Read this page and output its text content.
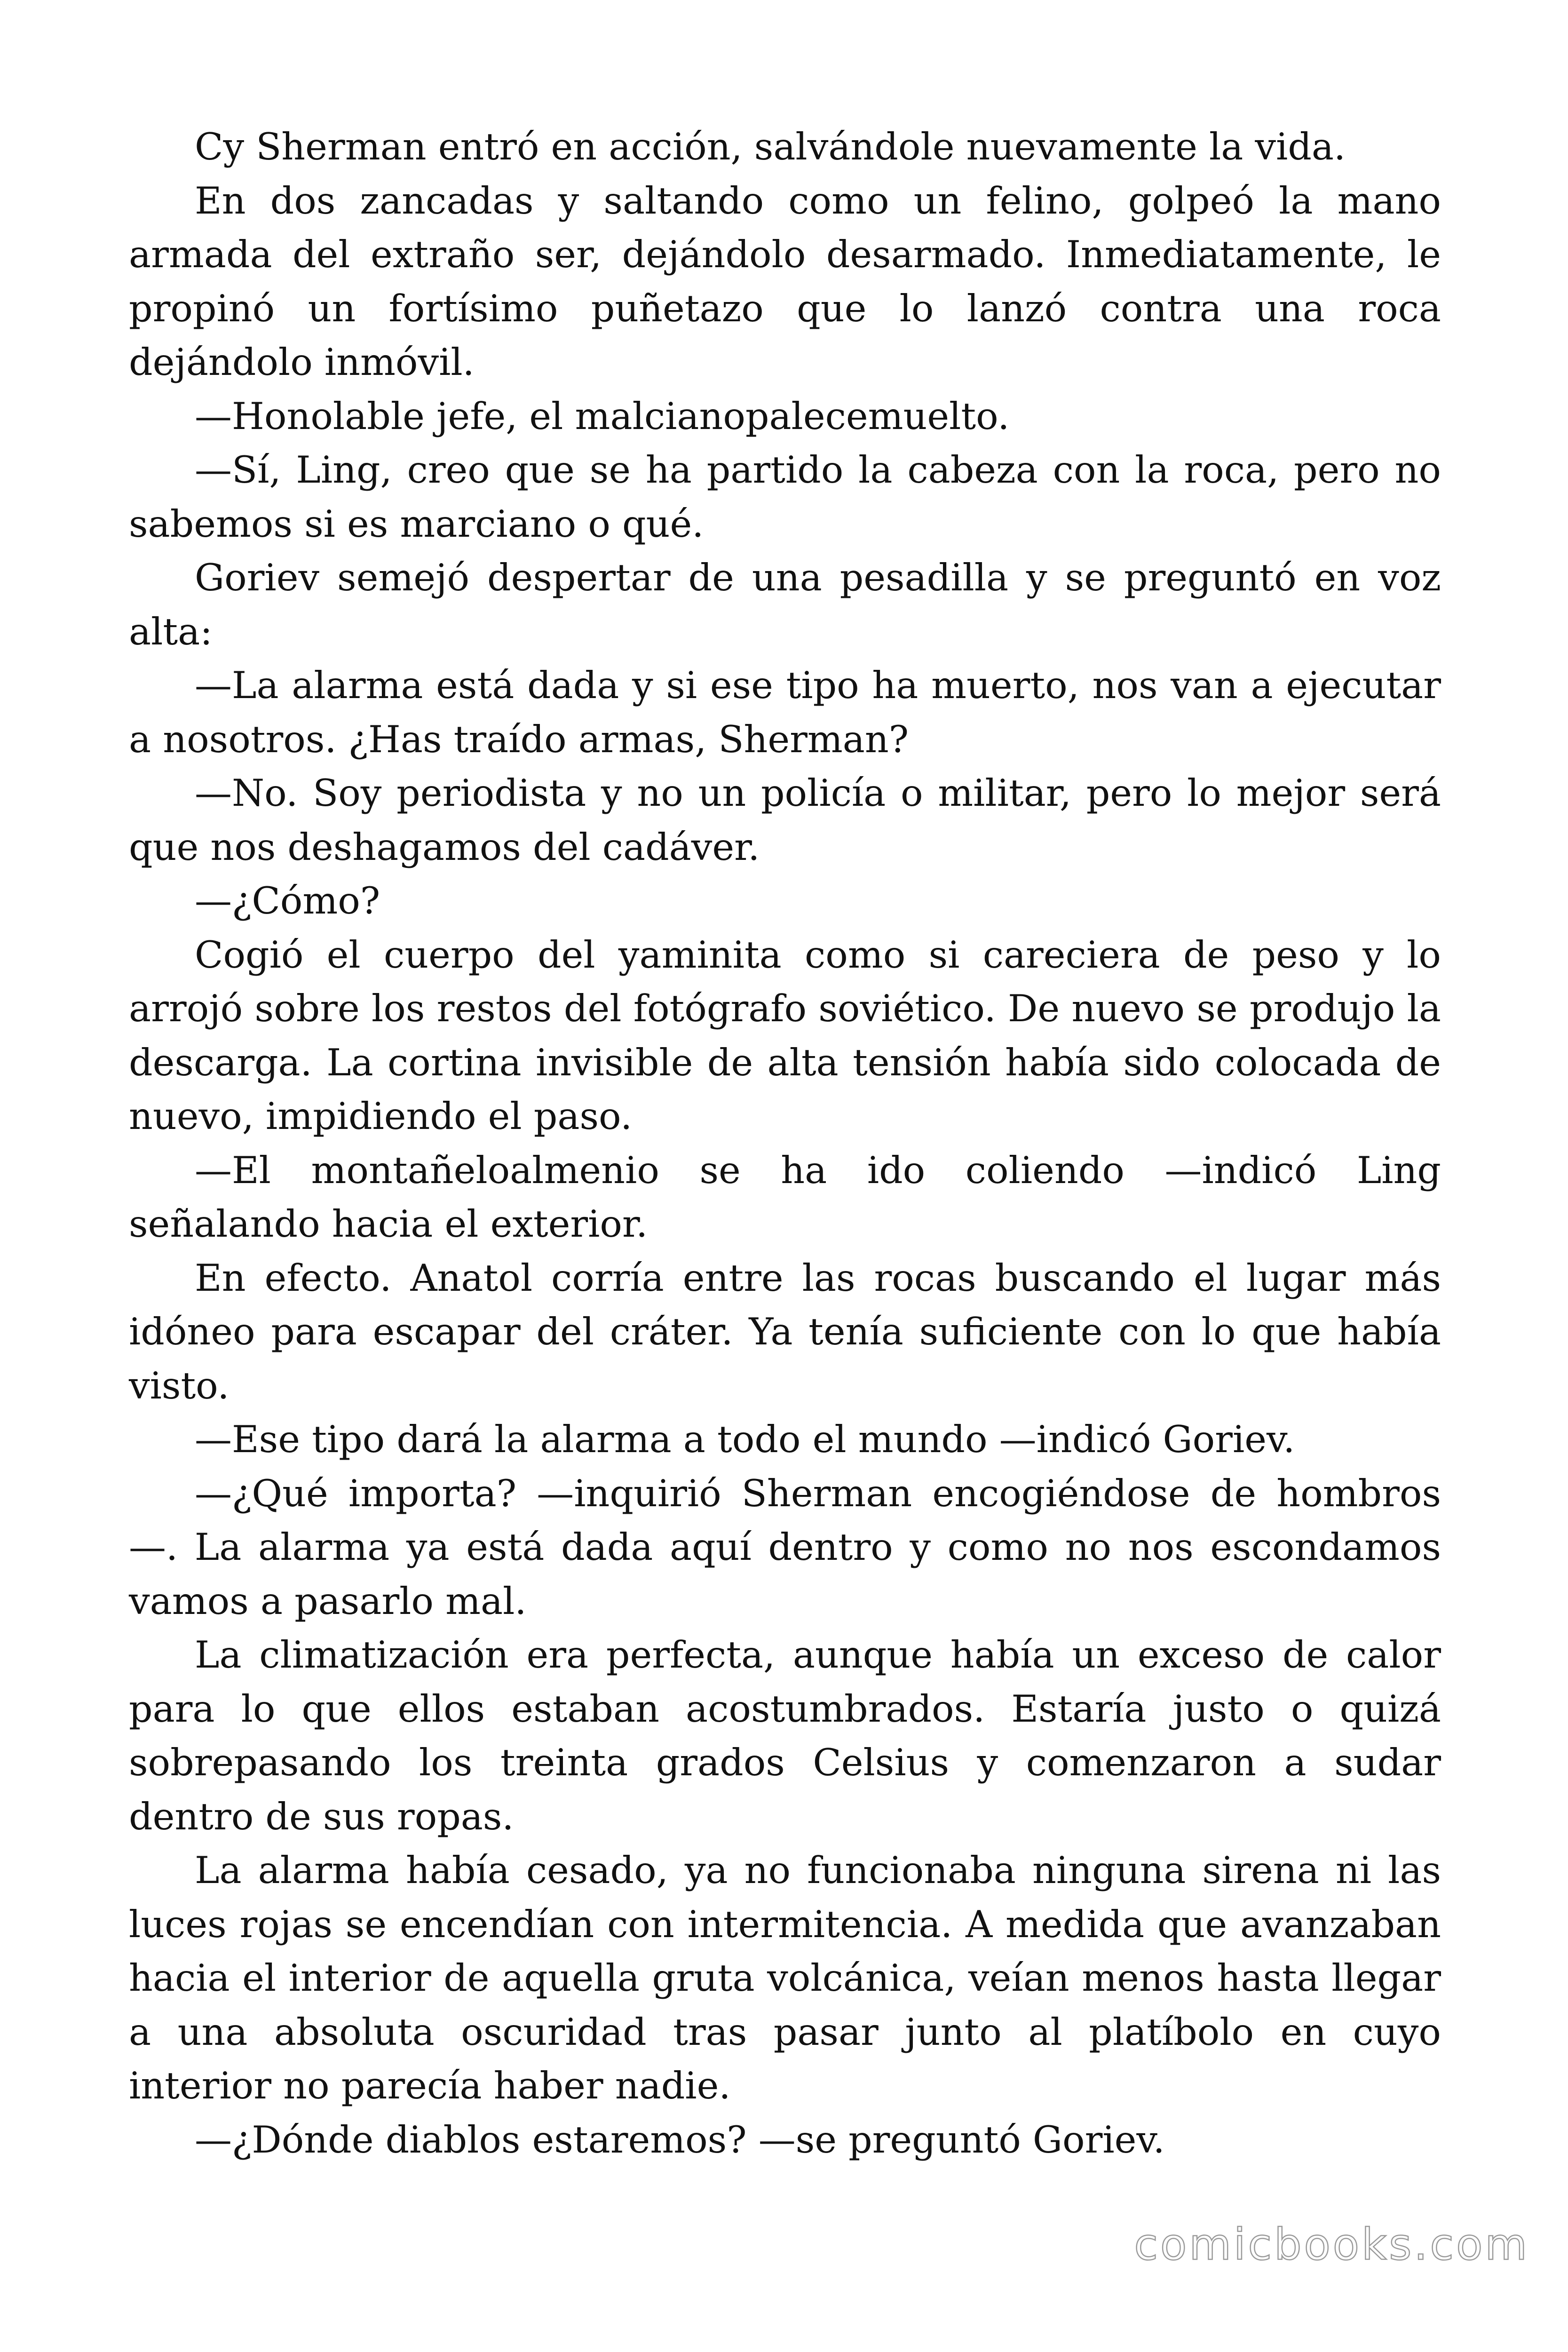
Cy Sherman entró en acción, salvándole nuevamente la vida.

En dos zancadas y saltando como un felino, golpeó la mano armada del extraño ser, dejándolo desarmado. Inmediatamente, le propinó un fortísimo puñetazo que lo lanzó contra una roca dejándolo inmóvil.

—Honolable jefe, el malcianopalecemuelto.

—Sí, Ling, creo que se ha partido la cabeza con la roca, pero no sabemos si es marciano o qué.

Goriev semejó despertar de una pesadilla y se preguntó en voz alta:

—La alarma está dada y si ese tipo ha muerto, nos van a ejecutar a nosotros. ¿Has traído armas, Sherman?

—No. Soy periodista y no un policía o militar, pero lo mejor será que nos deshagamos del cadáver.

—¿Cómo?

Cogió el cuerpo del yaminita como si careciera de peso y lo arrojó sobre los restos del fotógrafo soviético. De nuevo se produjo la descarga. La cortina invisible de alta tensión había sido colocada de nuevo, impidiendo el paso.

—El montañeloalmenio se ha ido coliendo —indicó Ling señalando hacia el exterior.

En efecto. Anatol corría entre las rocas buscando el lugar más idóneo para escapar del cráter. Ya tenía suficiente con lo que había visto.

—Ese tipo dará la alarma a todo el mundo —indicó Goriev.

—¿Qué importa? —inquirió Sherman encogiéndose de hombros —. La alarma ya está dada aquí dentro y como no nos escondamos vamos a pasarlo mal.

La climatización era perfecta, aunque había un exceso de calor para lo que ellos estaban acostumbrados. Estaría justo o quizá sobrepasando los treinta grados Celsius y comenzaron a sudar dentro de sus ropas.

La alarma había cesado, ya no funcionaba ninguna sirena ni las luces rojas se encendían con intermitencia. A medida que avanzaban hacia el interior de aquella gruta volcánica, veían menos hasta llegar a una absoluta oscuridad tras pasar junto al platíbolo en cuyo interior no parecía haber nadie.

—¿Dónde diablos estaremos? —se preguntó Goriev.

comicbooks.com
